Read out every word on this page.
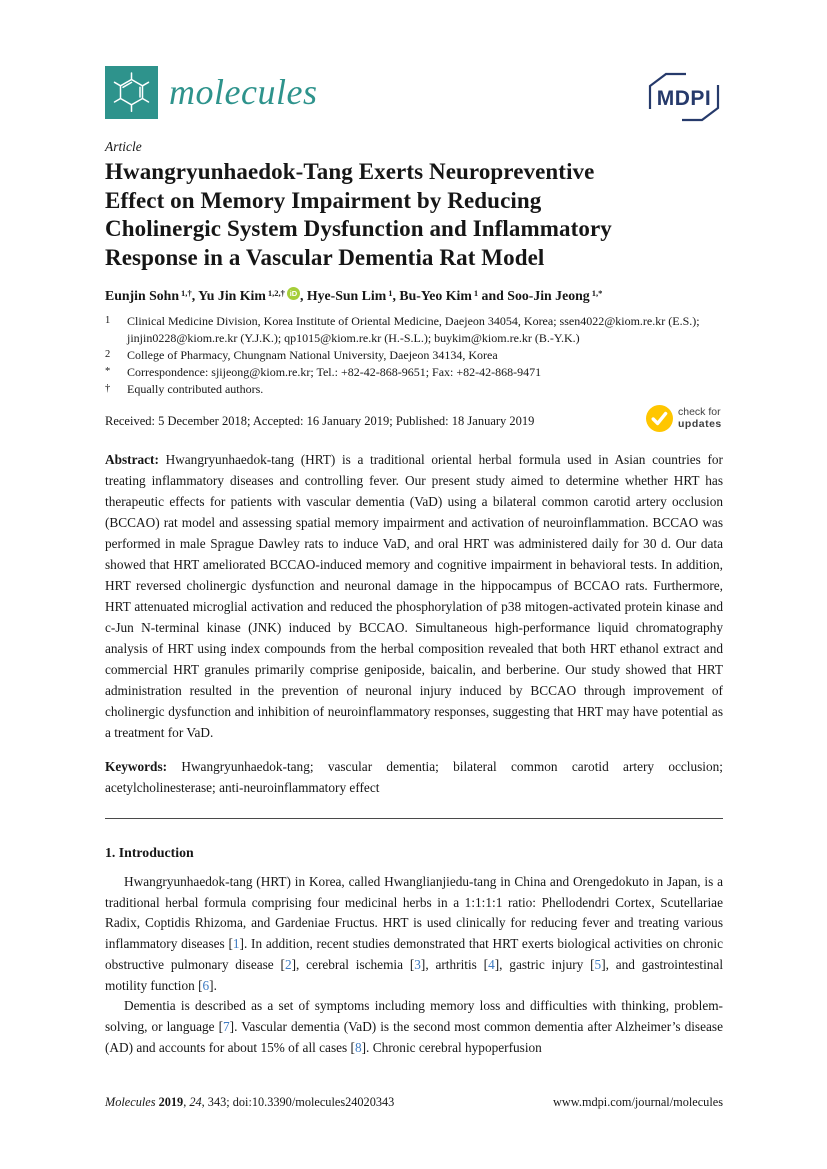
molecules	MDPI
Article
Hwangryunhaedok-Tang Exerts Neuropreventive
Effect on Memory Impairment by Reducing
Cholinergic System Dysfunction and Inflammatory
Response in a Vascular Dementia Rat Model
Eunjin Sohn $^{1,\dagger}$, Yu Jin Kim $^{1,2,\dagger}$ iD , Hye-Sun Lim $^1$, Bu-Yeo Kim $^1$ and Soo-Jin Jeong $^{1,*}$
1	Clinical Medicine Division, Korea Institute of Oriental Medicine, Daejeon 34054, Korea; ssen4022@kiom.re.kr (E.S.); jinjin0228@kiom.re.kr (Y.J.K.); qp1015@kiom.re.kr (H.-S.L.); buykim@kiom.re.kr (B.-Y.K.)
2	College of Pharmacy, Chungnam National University, Daejeon 34134, Korea
*	Correspondence: sjijeong@kiom.re.kr; Tel.: +82-42-868-9651; Fax: +82-42-868-9471
†	Equally contributed authors.
Received: 5 December 2018; Accepted: 16 January 2019; Published: 18 January 2019
check for
updates

Abstract: Hwangryunhaedok-tang (HRT) is a traditional oriental herbal formula used in Asian countries for treating inflammatory diseases and controlling fever. Our present study aimed to determine whether HRT has therapeutic effects for patients with vascular dementia (VaD) using a bilateral common carotid artery occlusion (BCCAO) rat model and assessing spatial memory impairment and activation of neuroinflammation. BCCAO was performed in male Sprague Dawley rats to induce VaD, and oral HRT was administered daily for 30 d. Our data showed that HRT ameliorated BCCAO-induced memory and cognitive impairment in behavioral tests. In addition, HRT reversed cholinergic dysfunction and neuronal damage in the hippocampus of BCCAO rats. Furthermore, HRT attenuated microglial activation and reduced the phosphorylation of p38 mitogen-activated protein kinase and c-Jun N-terminal kinase (JNK) induced by BCCAO. Simultaneous high-performance liquid chromatography analysis of HRT using index compounds from the herbal composition revealed that both HRT ethanol extract and commercial HRT granules primarily comprise geniposide, baicalin, and berberine. Our study showed that HRT administration resulted in the prevention of neuronal injury induced by BCCAO through improvement of cholinergic dysfunction and inhibition of neuroinflammatory responses, suggesting that HRT may have potential as a treatment for VaD.

Keywords: Hwangryunhaedok-tang; vascular dementia; bilateral common carotid artery occlusion; acetylcholinesterase; anti-neuroinflammatory effect

1. Introduction

Hwangryunhaedok-tang (HRT) in Korea, called Hwanglianjiedu-tang in China and Orengedokuto in Japan, is a traditional herbal formula comprising four medicinal herbs in a 1:1:1:1 ratio: Phellodendri Cortex, Scutellariae Radix, Coptidis Rhizoma, and Gardeniae Fructus. HRT is used clinically for reducing fever and treating various inflammatory diseases [1]. In addition, recent studies demonstrated that HRT exerts biological activities on chronic obstructive pulmonary disease [2], cerebral ischemia [3], arthritis [4], gastric injury [5], and gastrointestinal motility function [6].

Dementia is described as a set of symptoms including memory loss and difficulties with thinking, problem-solving, or language [7]. Vascular dementia (VaD) is the second most common dementia after Alzheimer’s disease (AD) and accounts for about 15% of all cases [8]. Chronic cerebral hypoperfusion

Molecules 2019, 24, 343; doi:10.3390/molecules24020343	www.mdpi.com/journal/molecules
